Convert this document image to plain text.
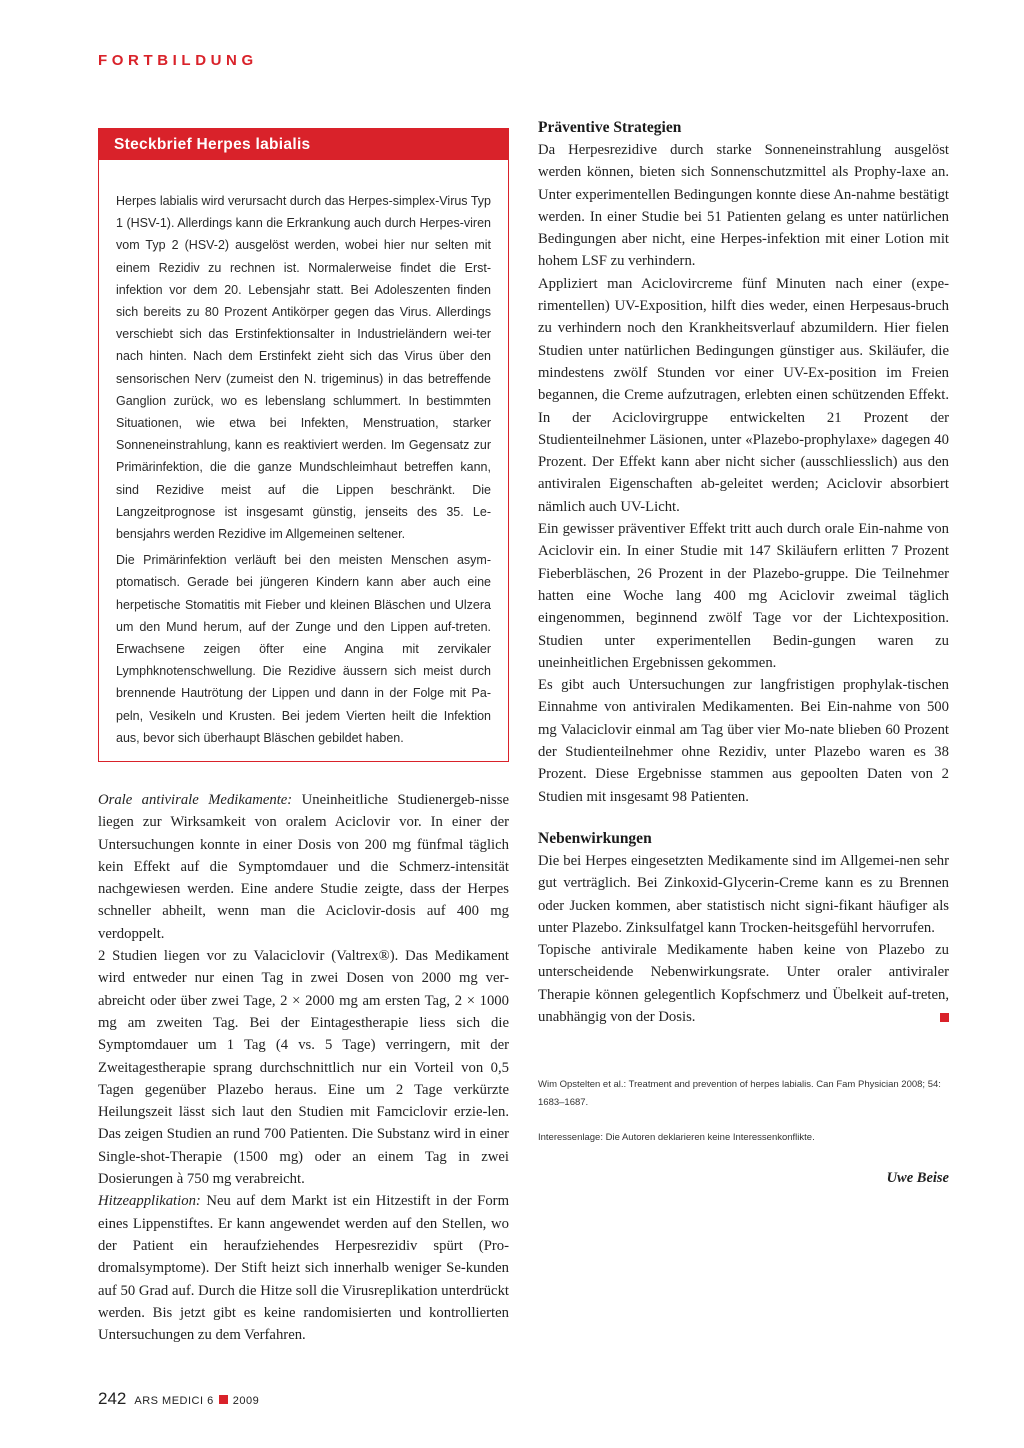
FORTBILDUNG
Steckbrief Herpes labialis

Herpes labialis wird verursacht durch das Herpes-simplex-Virus Typ 1 (HSV-1). Allerdings kann die Erkrankung auch durch Herpes-viren vom Typ 2 (HSV-2) ausgelöst werden, wobei hier nur selten mit einem Rezidiv zu rechnen ist. Normalerweise findet die Erst-infektion vor dem 20. Lebensjahr statt. Bei Adoleszenten finden sich bereits zu 80 Prozent Antikörper gegen das Virus. Allerdings verschiebt sich das Erstinfektionsalter in Industrieländern wei-ter nach hinten. Nach dem Erstinfekt zieht sich das Virus über den sensorischen Nerv (zumeist den N. trigeminus) in das betreffende Ganglion zurück, wo es lebenslang schlummert. In bestimmten Situationen, wie etwa bei Infekten, Menstruation, starker Sonneneinstrahlung, kann es reaktiviert werden. Im Gegensatz zur Primärinfektion, die die ganze Mundschleimhaut betreffen kann, sind Rezidive meist auf die Lippen beschränkt. Die Langzeitprognose ist insgesamt günstig, jenseits des 35. Le-bensjahrs werden Rezidive im Allgemeinen seltener.

Die Primärinfektion verläuft bei den meisten Menschen asym-ptomatisch. Gerade bei jüngeren Kindern kann aber auch eine herpetische Stomatitis mit Fieber und kleinen Bläschen und Ulzera um den Mund herum, auf der Zunge und den Lippen auf-treten. Erwachsene zeigen öfter eine Angina mit zervikaler Lymphknotenschwellung. Die Rezidive äussern sich meist durch brennende Hautrötung der Lippen und dann in der Folge mit Pa-peln, Vesikeln und Krusten. Bei jedem Vierten heilt die Infektion aus, bevor sich überhaupt Bläschen gebildet haben.

Orale antivirale Medikamente: Uneinheitliche Studienergeb-nisse liegen zur Wirksamkeit von oralem Aciclovir vor. In einer der Untersuchungen konnte in einer Dosis von 200 mg fünfmal täglich kein Effekt auf die Symptomdauer und die Schmerz-intensität nachgewiesen werden. Eine andere Studie zeigte, dass der Herpes schneller abheilt, wenn man die Aciclovir-dosis auf 400 mg verdoppelt.

2 Studien liegen vor zu Valaciclovir (Valtrex®). Das Medikament wird entweder nur einen Tag in zwei Dosen von 2000 mg ver-abreicht oder über zwei Tage, 2 × 2000 mg am ersten Tag, 2 × 1000 mg am zweiten Tag. Bei der Eintagestherapie liess sich die Symptomdauer um 1 Tag (4 vs. 5 Tage) verringern, mit der Zweitagestherapie sprang durchschnittlich nur ein Vorteil von 0,5 Tagen gegenüber Plazebo heraus. Eine um 2 Tage verkürzte Heilungszeit lässt sich laut den Studien mit Famciclovir erzie-len. Das zeigen Studien an rund 700 Patienten. Die Substanz wird in einer Single-shot-Therapie (1500 mg) oder an einem Tag in zwei Dosierungen à 750 mg verabreicht.

Hitzeapplikation: Neu auf dem Markt ist ein Hitzestift in der Form eines Lippenstiftes. Er kann angewendet werden auf den Stellen, wo der Patient ein heraufziehendes Herpesrezidiv spürt (Pro-dromalsymptome). Der Stift heizt sich innerhalb weniger Se-kunden auf 50 Grad auf. Durch die Hitze soll die Virusreplikation unterdrückt werden. Bis jetzt gibt es keine randomisierten und kontrollierten Untersuchungen zu dem Verfahren.

Präventive Strategien

Da Herpesrezidive durch starke Sonneneinstrahlung ausgelöst werden können, bieten sich Sonnenschutzmittel als Prophy-laxe an. Unter experimentellen Bedingungen konnte diese An-nahme bestätigt werden. In einer Studie bei 51 Patienten gelang es unter natürlichen Bedingungen aber nicht, eine Herpes-infektion mit einer Lotion mit hohem LSF zu verhindern.

Appliziert man Aciclovircreme fünf Minuten nach einer (expe-rimentellen) UV-Exposition, hilft dies weder, einen Herpesaus-bruch zu verhindern noch den Krankheitsverlauf abzumildern. Hier fielen Studien unter natürlichen Bedingungen günstiger aus. Skiläufer, die mindestens zwölf Stunden vor einer UV-Ex-position im Freien begannen, die Creme aufzutragen, erlebten einen schützenden Effekt. In der Aciclovirgruppe entwickelten 21 Prozent der Studienteilnehmer Läsionen, unter «Plazebo-prophylaxe» dagegen 40 Prozent. Der Effekt kann aber nicht sicher (ausschliesslich) aus den antiviralen Eigenschaften ab-geleitet werden; Aciclovir absorbiert nämlich auch UV-Licht.

Ein gewisser präventiver Effekt tritt auch durch orale Ein-nahme von Aciclovir ein. In einer Studie mit 147 Skiläufern erlitten 7 Prozent Fieberbläschen, 26 Prozent in der Plazebo-gruppe. Die Teilnehmer hatten eine Woche lang 400 mg Aciclovir zweimal täglich eingenommen, beginnend zwölf Tage vor der Lichtexposition. Studien unter experimentellen Bedin-gungen waren zu uneinheitlichen Ergebnissen gekommen.

Es gibt auch Untersuchungen zur langfristigen prophylak-tischen Einnahme von antiviralen Medikamenten. Bei Ein-nahme von 500 mg Valaciclovir einmal am Tag über vier Mo-nate blieben 60 Prozent der Studienteilnehmer ohne Rezidiv, unter Plazebo waren es 38 Prozent. Diese Ergebnisse stammen aus gepoolten Daten von 2 Studien mit insgesamt 98 Patienten.

Nebenwirkungen

Die bei Herpes eingesetzten Medikamente sind im Allgemei-nen sehr gut verträglich. Bei Zinkoxid-Glycerin-Creme kann es zu Brennen oder Jucken kommen, aber statistisch nicht signi-fikant häufiger als unter Plazebo. Zinksulfatgel kann Trocken-heitsgefühl hervorrufen.

Topische antivirale Medikamente haben keine von Plazebo zu unterscheidende Nebenwirkungsrate. Unter oraler antiviraler Therapie können gelegentlich Kopfschmerz und Übelkeit auf-treten, unabhängig von der Dosis.

Wim Opstelten et al.: Treatment and prevention of herpes labialis. Can Fam Physician 2008; 54: 1683–1687.
Interessenlage: Die Autoren deklarieren keine Interessenkonflikte.
Uwe Beise
242 ARS MEDICI 6 2009
